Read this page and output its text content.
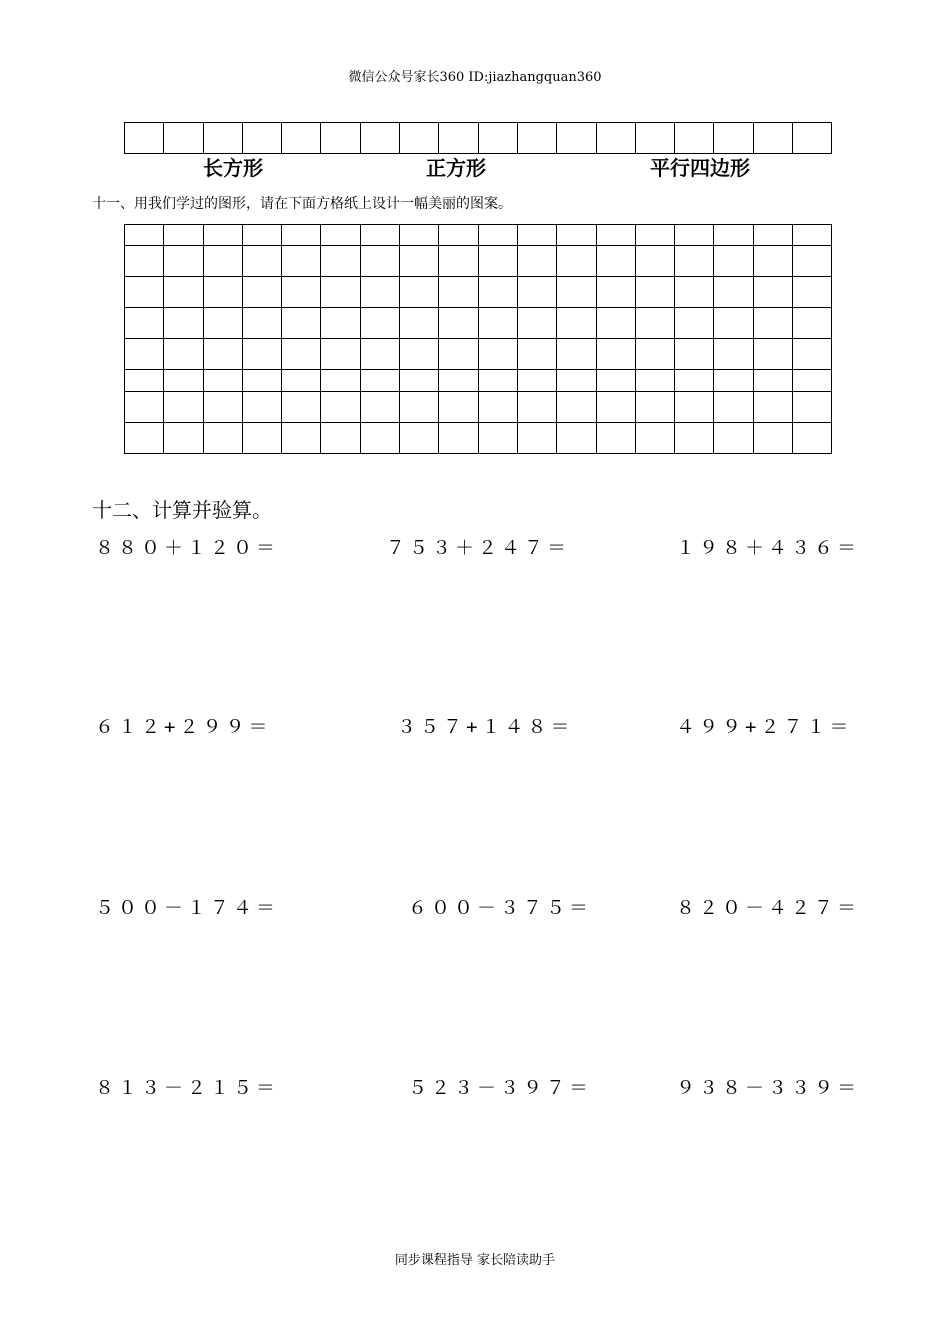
微信公众号家长360 ID:jiazhangquan360

长方形	正方形	平行四边形
十一、用我们学过的图形，请在下面方格纸上设计一幅美丽的图案。

十二、计算并验算。
８８０＋１２０＝	７５３＋２４７＝	１９８＋４３６＝
６１２+２９９＝	３５７+１４８＝	４９９+２７１＝
５００－１７４＝	６００－３７５＝	８２０－４２７＝
８１３－２１５＝	５２３－３９７＝	９３８－３３９＝
同步课程指导 家长陪读助手
